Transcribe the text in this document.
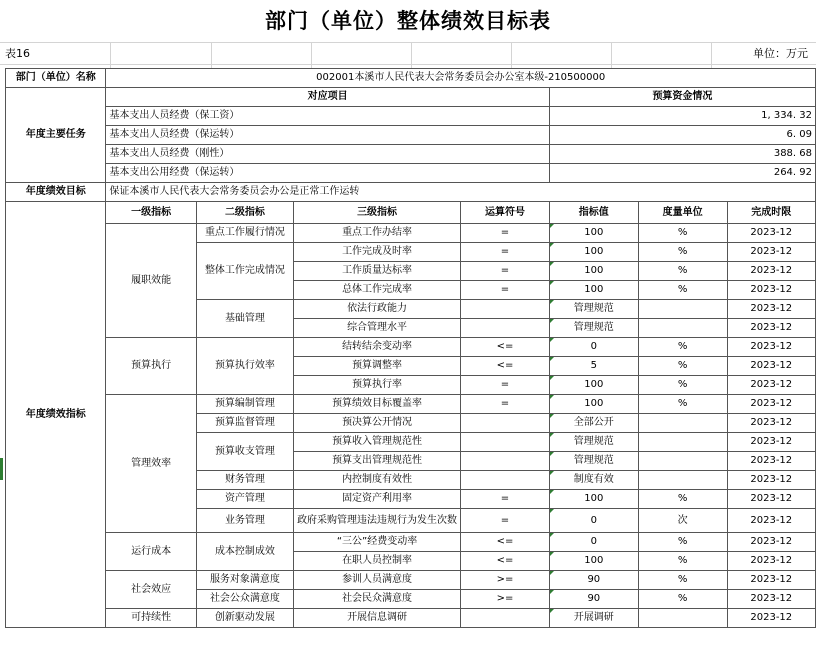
部门（单位）整体绩效目标表
表16	单位：万元
部门（单位）名称	002001本溪市人民代表大会常务委员会办公室本级-210500000						
年度主要任务	对应项目				预算资金情况		
	基本支出人员经费（保工资）				1, 334. 32		
	基本支出人员经费（保运转）				6. 09		
	基本支出人员经费（刚性）				388. 68		
	基本支出公用经费（保运转）				264. 92		
年度绩效目标	保证本溪市人民代表大会常务委员会办公是正常工作运转						
年度绩效指标	一级指标	二级指标	三级指标	运算符号	指标值	度量单位	完成时限
	履职效能	重点工作履行情况	重点工作办结率	=	100	%	2023-12
		整体工作完成情况	工作完成及时率	=	100	%	2023-12
			工作质量达标率	=	100	%	2023-12
			总体工作完成率	=	100	%	2023-12
		基础管理	依法行政能力		管理规范		2023-12
			综合管理水平		管理规范		2023-12
	预算执行	预算执行效率	结转结余变动率	<=	0	%	2023-12
			预算调整率	<=	5	%	2023-12
			预算执行率	=	100	%	2023-12
	管理效率	预算编制管理	预算绩效目标覆盖率	=	100	%	2023-12
		预算监督管理	预决算公开情况		全部公开		2023-12
		预算收支管理	预算收入管理规范性		管理规范		2023-12
			预算支出管理规范性		管理规范		2023-12
		财务管理	内控制度有效性		制度有效		2023-12
		资产管理	固定资产利用率	=	100	%	2023-12
		业务管理	政府采购管理违法违规行为发生次数	=	0	次	2023-12
	运行成本	成本控制成效	“三公”经费变动率	<=	0	%	2023-12
			在职人员控制率	<=	100	%	2023-12
	社会效应	服务对象满意度	参训人员满意度	>=	90	%	2023-12
		社会公众满意度	社会民众满意度	>=	90	%	2023-12
	可持续性	创新驱动发展	开展信息调研		开展调研		2023-12
